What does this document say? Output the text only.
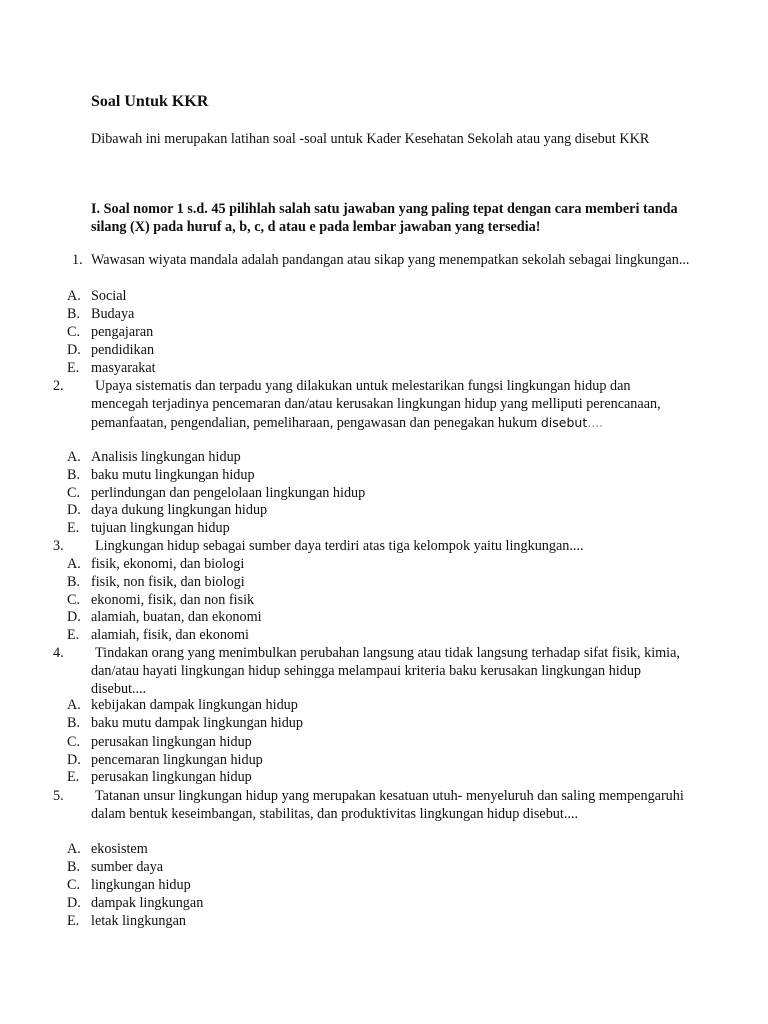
Soal Untuk KKR
Dibawah ini merupakan latihan soal -soal untuk Kader Kesehatan Sekolah atau yang disebut KKR
I. Soal nomor 1 s.d. 45 pilihlah salah satu jawaban yang paling tepat dengan cara memberi tanda silang (X) pada huruf a, b, c, d atau e pada lembar jawaban yang tersedia!
1. Wawasan wiyata mandala adalah pandangan atau sikap yang menempatkan sekolah sebagai lingkungan...
A. Social
B. Budaya
C. pengajaran
D. pendidikan
E. masyarakat
2. Upaya sistematis dan terpadu yang dilakukan untuk melestarikan fungsi lingkungan hidup dan mencegah terjadinya pencemaran dan/atau kerusakan lingkungan hidup yang melliputi perencanaan, pemanfaatan, pengendalian, pemeliharaan, pengawasan dan penegakan hukum disebut....
A. Analisis lingkungan hidup
B. baku mutu lingkungan hidup
C. perlindungan dan pengelolaan lingkungan hidup
D. daya dukung lingkungan hidup
E. tujuan lingkungan hidup
3. Lingkungan hidup sebagai sumber daya terdiri atas tiga kelompok yaitu lingkungan....
A. fisik, ekonomi, dan biologi
B. fisik, non fisik, dan biologi
C. ekonomi, fisik, dan non fisik
D. alamiah, buatan, dan ekonomi
E. alamiah, fisik, dan ekonomi
4. Tindakan orang yang menimbulkan perubahan langsung atau tidak langsung terhadap sifat fisik, kimia, dan/atau hayati lingkungan hidup sehingga melampaui kriteria baku kerusakan lingkungan hidup disebut....
A. kebijakan dampak lingkungan hidup
B. baku mutu dampak lingkungan hidup
C. perusakan lingkungan hidup
D. pencemaran lingkungan hidup
E. perusakan lingkungan hidup
5. Tatanan unsur lingkungan hidup yang merupakan kesatuan utuh- menyeluruh dan saling mempengaruhi dalam bentuk keseimbangan, stabilitas, dan produktivitas lingkungan hidup disebut....
A. ekosistem
B. sumber daya
C. lingkungan hidup
D. dampak lingkungan
E. letak lingkungan
